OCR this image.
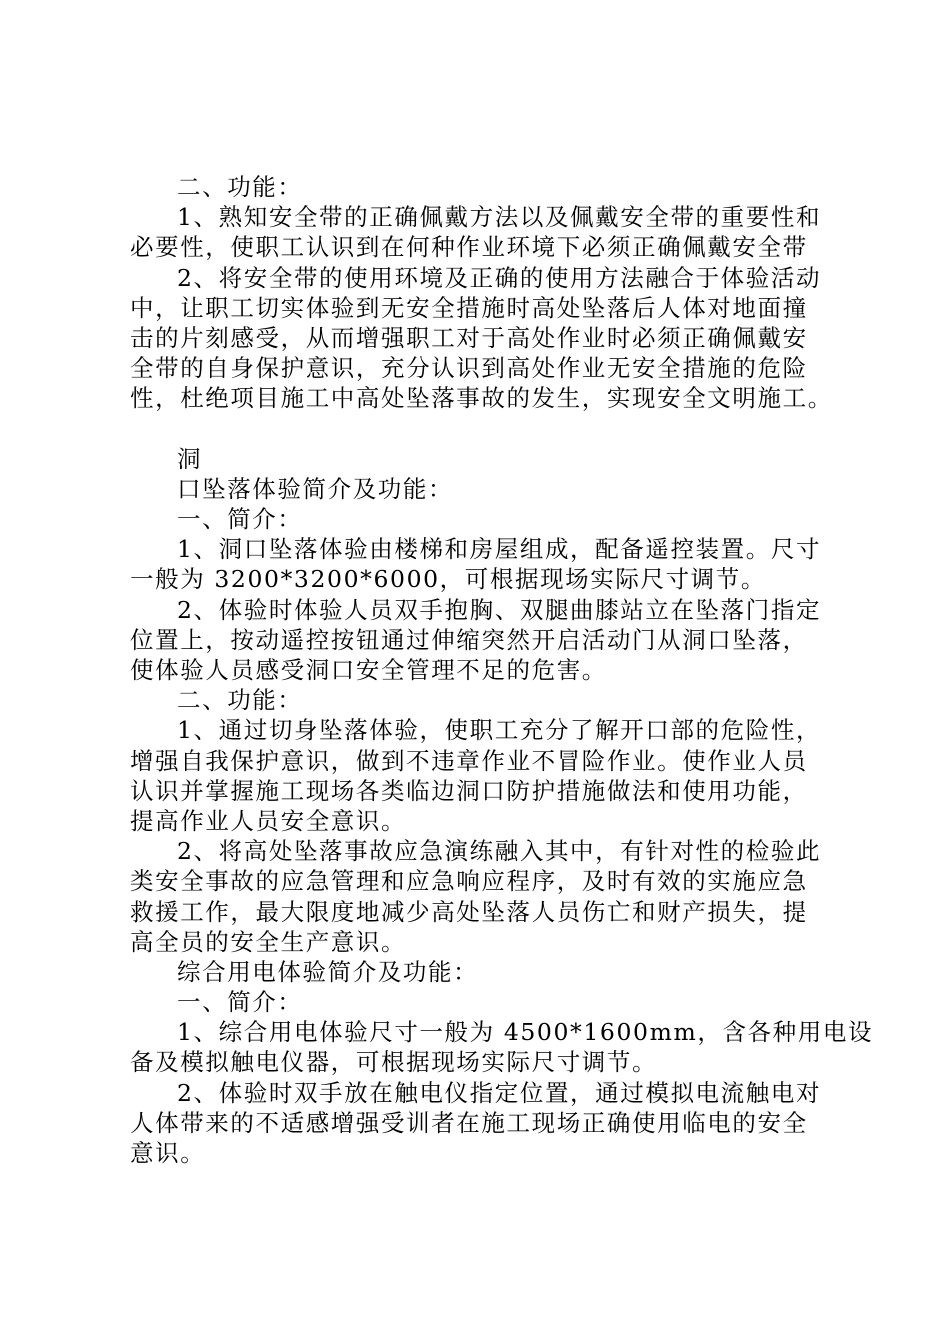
二、功能：
1、熟知安全带的正确佩戴方法以及佩戴安全带的重要性和
必要性，使职工认识到在何种作业环境下必须正确佩戴安全带
2、将安全带的使用环境及正确的使用方法融合于体验活动
中，让职工切实体验到无安全措施时高处坠落后人体对地面撞
击的片刻感受，从而增强职工对于高处作业时必须正确佩戴安
全带的自身保护意识，充分认识到高处作业无安全措施的危险
性，杜绝项目施工中高处坠落事故的发生，实现安全文明施工。
洞
口坠落体验简介及功能：
一、简介：
1、洞口坠落体验由楼梯和房屋组成，配备遥控装置。尺寸
一般为 3200*3200*6000，可根据现场实际尺寸调节。
2、体验时体验人员双手抱胸、双腿曲膝站立在坠落门指定
位置上，按动遥控按钮通过伸缩突然开启活动门从洞口坠落，
使体验人员感受洞口安全管理不足的危害。
二、功能：
1、通过切身坠落体验，使职工充分了解开口部的危险性，
增强自我保护意识，做到不违章作业不冒险作业。使作业人员
认识并掌握施工现场各类临边洞口防护措施做法和使用功能，
提高作业人员安全意识。
2、将高处坠落事故应急演练融入其中，有针对性的检验此
类安全事故的应急管理和应急响应程序，及时有效的实施应急
救援工作，最大限度地减少高处坠落人员伤亡和财产损失，提
高全员的安全生产意识。
综合用电体验简介及功能：
一、简介：
1、综合用电体验尺寸一般为 4500*1600mm，含各种用电设
备及模拟触电仪器，可根据现场实际尺寸调节。
2、体验时双手放在触电仪指定位置，通过模拟电流触电对
人体带来的不适感增强受训者在施工现场正确使用临电的安全
意识。
